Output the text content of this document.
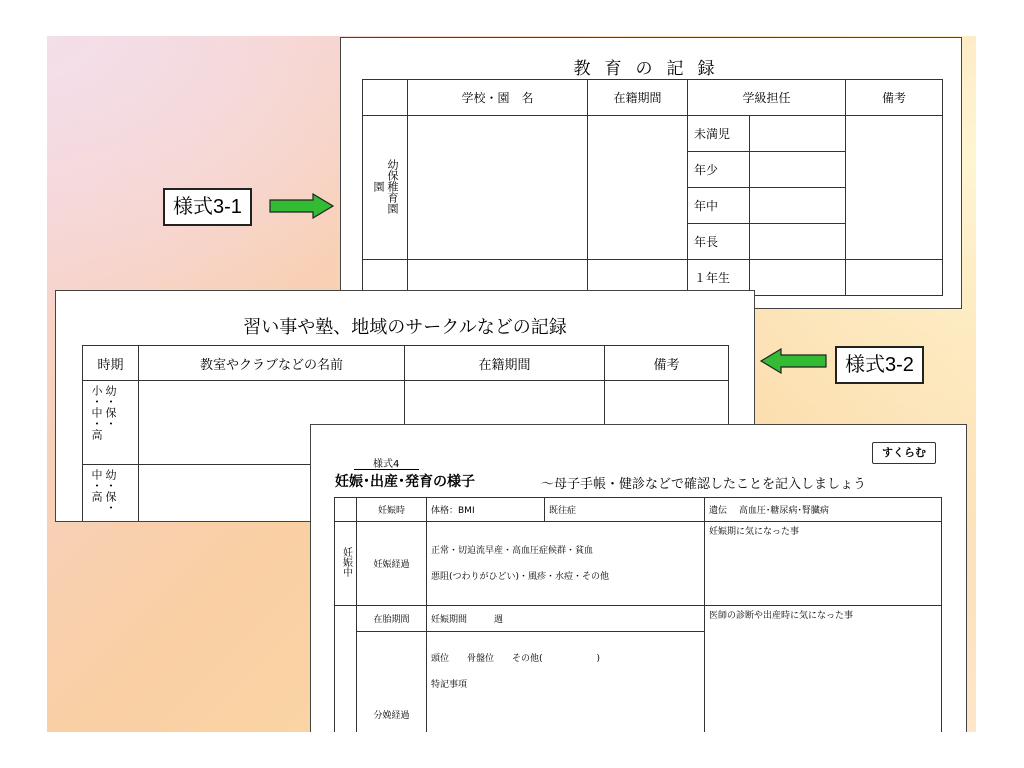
教育の記録
	学校・園　名	在籍期間	学級担任		備考
幼保稚育園園			未満児		
			年少		
			年中		
			年長		
			１年生		
様式3-1
習い事や塾、地域のサークルなどの記録
時期	教室やクラブなどの名前	在籍期間	備考
幼・保・小・中・高			
幼・保・中・高			
様式3-2
様式4
すくらむ
妊娠･出産･発育の様子	～母子手帳・健診などで確認したことを記入しましょう
	妊娠時	体格：BMI	既往症	遺伝　 高血圧･糖尿病･腎臓病
妊娠中	妊娠経過	正常・切迫流早産・高血圧症候群・貧血
悪阻(つわりがひどい)・風疹・水痘・その他		妊娠期に気になった事
	在胎期間	妊娠期間　　　週		医師の診断や出産時に気になった事
	分娩経過	頭位　　骨盤位　　その他(　　　　　　)
特記事項		
